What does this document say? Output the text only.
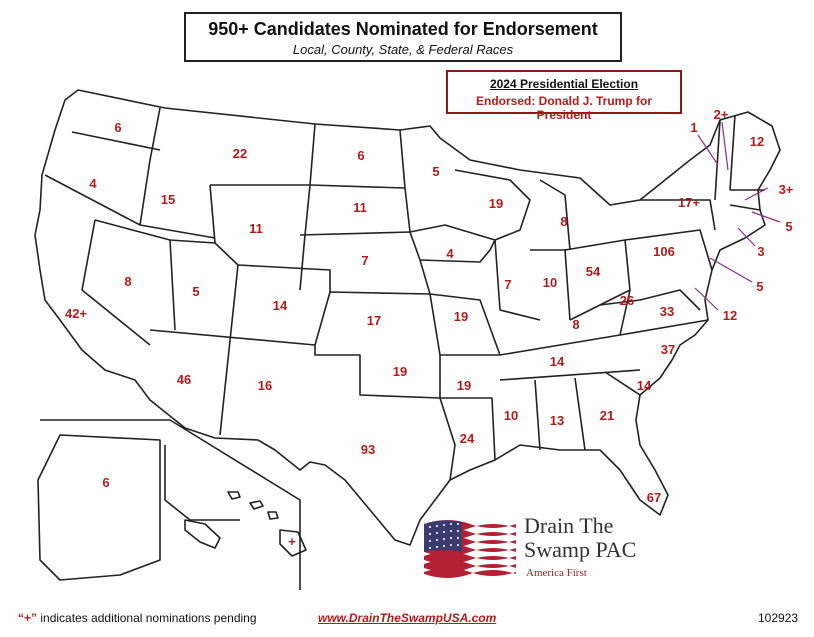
6
4
42+
8
15
22
11
5
46
14
16
6
11
7
17
19
93
5
4
19
19
24
19
7
8
10
54
8
14
10 13	21
67
14
37
33
26
106
17+
1
2+
12
3+
5
3
5
12
6
+
950+ Candidates Nominated for Endorsement
Local, County, State, & Federal Races
2024 Presidential Election
Endorsed: Donald J. Trump for President
Drain The
Swamp PAC
America First
“+” indicates additional nominations pending	www.DrainTheSwampUSA.com	102923
